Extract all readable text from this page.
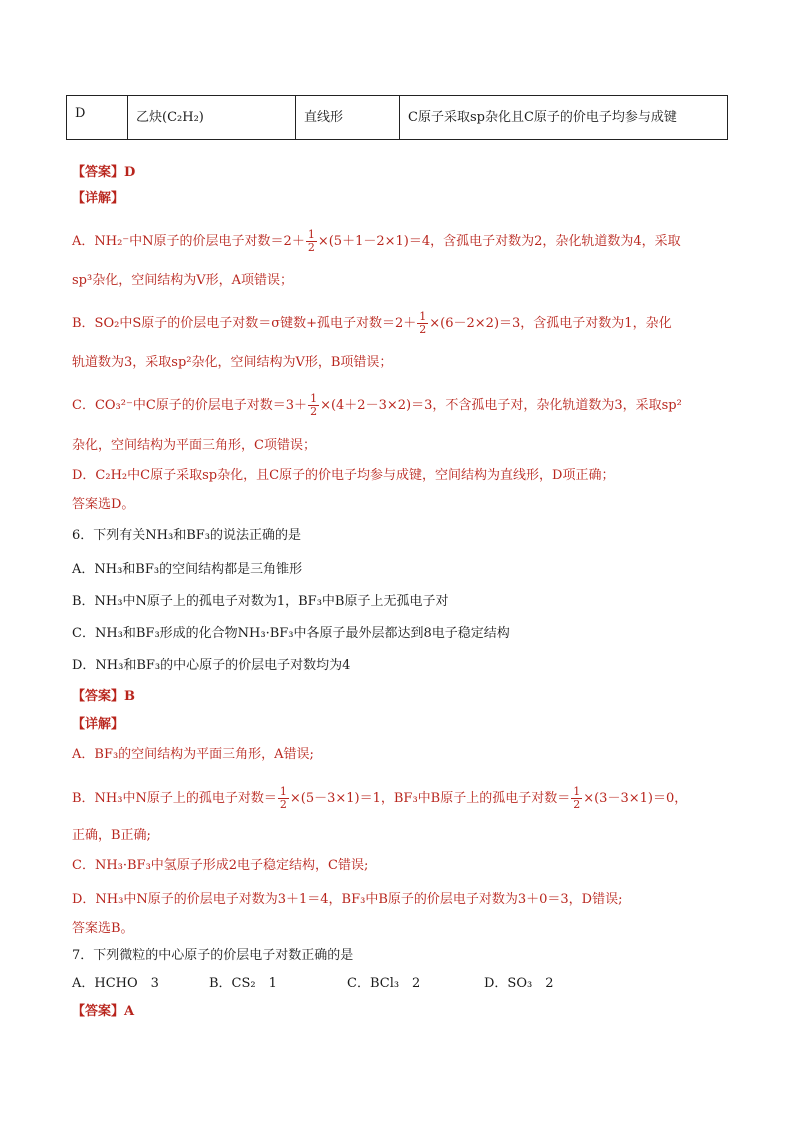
D	乙炔(C₂H₂)	直线形	C原子采取sp杂化且C原子的价电子均参与成键
【答案】D
【详解】
A．NH₂⁻中N原子的价层电子对数$=2+ \frac{1}{2} \times(5+1-2\times 1)=4$，含孤电子对数为2，杂化轨道数为4，采取
sp³杂化，空间结构为V形，A项错误；
B．SO₂中S原子的价层电子对数＝σ键数+孤电子对数$=2+ \frac{1}{2} \times(6-2\times 2)=3$，含孤电子对数为1，杂化
轨道数为3，采取sp²杂化，空间结构为V形，B项错误；
C．CO₃²⁻中C原子的价层电子对数$=3+ \frac{1}{2} \times(4+2-3\times 2)=3$，不含孤电子对，杂化轨道数为3，采取sp²
杂化，空间结构为平面三角形，C项错误；
D．C₂H₂中C原子采取sp杂化，且C原子的价电子均参与成键，空间结构为直线形，D项正确；
答案选D。
6．下列有关NH₃和BF₃的说法正确的是
A．NH₃和BF₃的空间结构都是三角锥形
B．NH₃中N原子上的孤电子对数为1，BF₃中B原子上无孤电子对
C．NH₃和BF₃形成的化合物NH₃·BF₃中各原子最外层都达到8电子稳定结构
D．NH₃和BF₃的中心原子的价层电子对数均为4
【答案】B
【详解】
A．BF₃的空间结构为平面三角形，A错误;
B．NH₃中N原子上的孤电子对数＝ $\frac{1}{2} \times(5-3\times 1)=1$，BF₃中B原子上的孤电子对数＝ $\frac{1}{2} \times(3-3\times 1)=0$，
正确，B正确;
C．NH₃·BF₃中氢原子形成2电子稳定结构，C错误;
D．NH₃中N原子的价层电子对数为3＋1＝4，BF₃中B原子的价层电子对数为3＋0＝3，D错误;
答案选B。
7．下列微粒的中心原子的价层电子对数正确的是
A．HCHO　3	B．CS₂　1	C．BCl₃　2	D．SO₃　2
【答案】A
